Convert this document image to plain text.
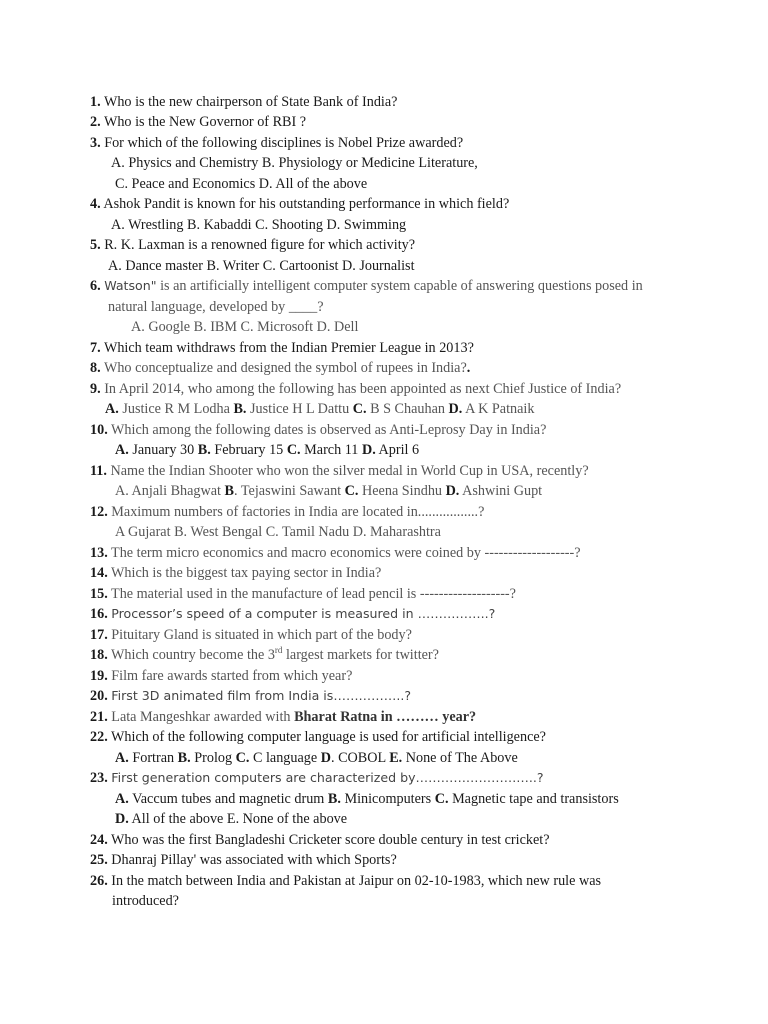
1. Who is the new chairperson of State Bank of India?
2. Who is the New Governor of RBI ?
3. For which of the following disciplines is Nobel Prize awarded?
A. Physics and Chemistry B. Physiology or Medicine Literature,
C. Peace and Economics D. All of the above
4. Ashok Pandit is known for his outstanding performance in which field?
A. Wrestling B. Kabaddi C. Shooting D. Swimming
5. R. K. Laxman is a renowned figure for which activity?
A. Dance master B. Writer C. Cartoonist D. Journalist
6. Watson" is an artificially intelligent computer system capable of answering questions posed in
natural language, developed by ____?
A. Google B. IBM C. Microsoft D. Dell
7. Which team withdraws from the Indian Premier League in 2013?
8. Who conceptualize and designed the symbol of rupees in India?.
9. In April 2014, who among the following has been appointed as next Chief Justice of India?
A. Justice R M Lodha B. Justice H L Dattu C. B S Chauhan D. A K Patnaik
10. Which among the following dates is observed as Anti-Leprosy Day in India?
A. January 30 B. February 15 C. March 11 D. April 6
11. Name the Indian Shooter who won the silver medal in World Cup in USA, recently?
A. Anjali Bhagwat B. Tejaswini Sawant C. Heena Sindhu D. Ashwini Gupt
12. Maximum numbers of factories in India are located in.................?
A Gujarat B. West Bengal C. Tamil Nadu D. Maharashtra
13. The term micro economics and macro economics were coined by -------------------?
14. Which is the biggest tax paying sector in India?
15. The material used in the manufacture of lead pencil is -------------------?
16. Processor’s speed of a computer is measured in ……………..?
17. Pituitary Gland is situated in which part of the body?
18. Which country become the 3rd largest markets for twitter?
19. Film fare awards started from which year?
20. First 3D animated film from India is……………..?
21. Lata Mangeshkar awarded with Bharat Ratna in ……… year?
22. Which of the following computer language is used for artificial intelligence?
A. Fortran B. Prolog C. C language D. COBOL E. None of The Above
23. First generation computers are characterized by………………………..?
A. Vaccum tubes and magnetic drum B. Minicomputers C. Magnetic tape and transistors
D. All of the above E. None of the above
24. Who was the first Bangladeshi Cricketer score double century in test cricket?
25. Dhanraj Pillay' was associated with which Sports?
26. In the match between India and Pakistan at Jaipur on 02-10-1983, which new rule was
introduced?
